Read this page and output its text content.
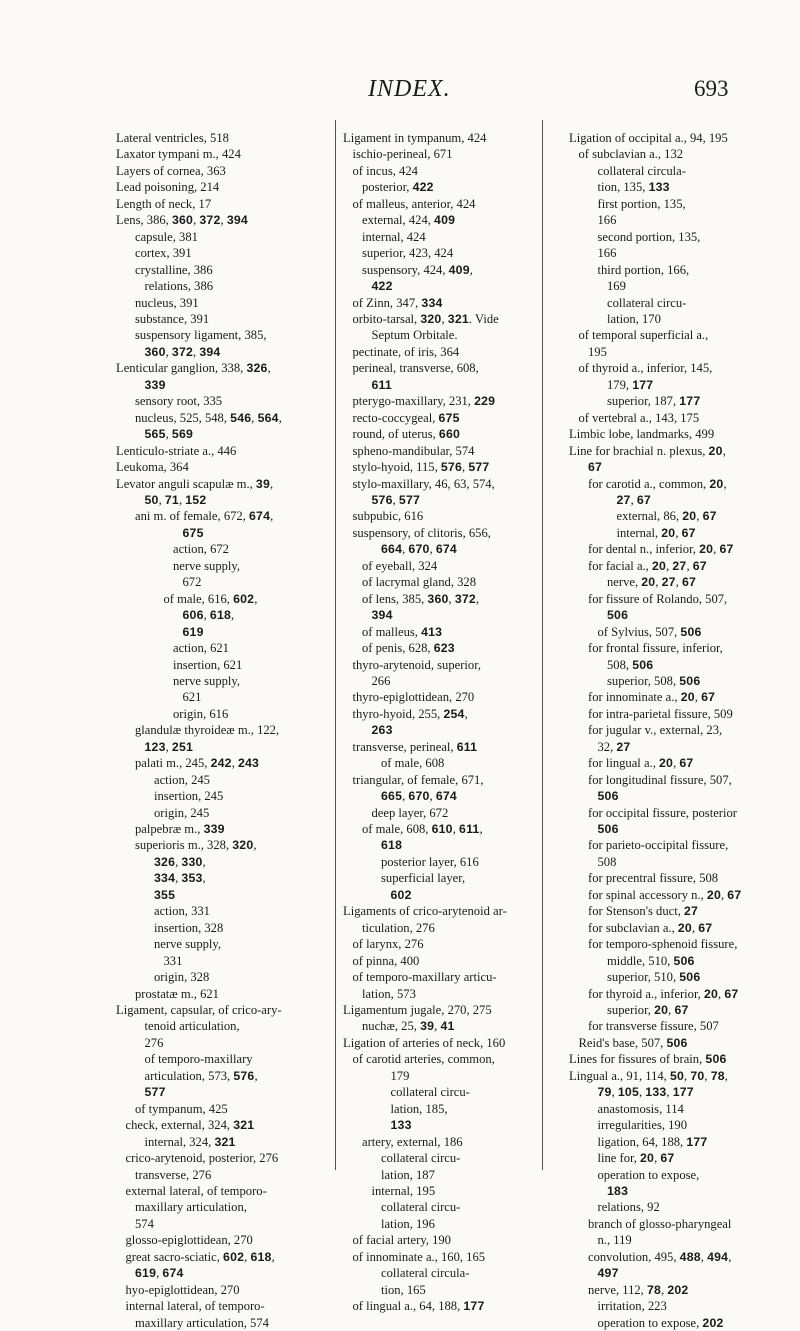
INDEX.	693
Lateral ventricles, 518
Laxator tympani m., 424
Layers of cornea, 363
Lead poisoning, 214
Length of neck, 17
Lens, 386, 360, 372, 394
capsule, 381
cortex, 391
crystalline, 386
relations, 386
nucleus, 391
substance, 391
suspensory ligament, 385,
360, 372, 394
Lenticular ganglion, 338, 326,
339
sensory root, 335
nucleus, 525, 548, 546, 564,
565, 569
Lenticulo-striate a., 446
Leukoma, 364
Levator anguli scapulæ m., 39,
50, 71, 152
ani m. of female, 672, 674,
675
action, 672
nerve supply,
672
of male, 616, 602,
606, 618,
619
action, 621
insertion, 621
nerve supply,
621
origin, 616
glandulæ thyroideæ m., 122,
123, 251
palati m., 245, 242, 243
action, 245
insertion, 245
origin, 245
palpebræ m., 339
superioris m., 328, 320,
326, 330,
334, 353,
355
action, 331
insertion, 328
nerve supply,
331
origin, 328
prostatæ m., 621
Ligament, capsular, of crico-ary-
tenoid articulation,
276
of temporo-maxillary
articulation, 573, 576,
577
of tympanum, 425
check, external, 324, 321
internal, 324, 321
crico-arytenoid, posterior, 276
transverse, 276
external lateral, of temporo-
maxillary articulation,
574
glosso-epiglottidean, 270
great sacro-sciatic, 602, 618,
619, 674
hyo-epiglottidean, 270
internal lateral, of temporo-
maxillary articulation, 574
Ligament in tympanum, 424
ischio-perineal, 671
of incus, 424
posterior, 422
of malleus, anterior, 424
external, 424, 409
internal, 424
superior, 423, 424
suspensory, 424, 409,
422
of Zinn, 347, 334
orbito-tarsal, 320, 321. Vide
Septum Orbitale.
pectinate, of iris, 364
perineal, transverse, 608,
611
pterygo-maxillary, 231, 229
recto-coccygeal, 675
round, of uterus, 660
spheno-mandibular, 574
stylo-hyoid, 115, 576, 577
stylo-maxillary, 46, 63, 574,
576, 577
subpubic, 616
suspensory, of clitoris, 656,
664, 670, 674
of eyeball, 324
of lacrymal gland, 328
of lens, 385, 360, 372,
394
of malleus, 413
of penis, 628, 623
thyro-arytenoid, superior,
266
thyro-epiglottidean, 270
thyro-hyoid, 255, 254,
263
transverse, perineal, 611
of male, 608
triangular, of female, 671,
665, 670, 674
deep layer, 672
of male, 608, 610, 611,
618
posterior layer, 616
superficial layer,
602
Ligaments of crico-arytenoid ar-
ticulation, 276
of larynx, 276
of pinna, 400
of temporo-maxillary articu-
lation, 573
Ligamentum jugale, 270, 275
nuchæ, 25, 39, 41
Ligation of arteries of neck, 160
of carotid arteries, common,
179
collateral circu-
lation, 185,
133
artery, external, 186
collateral circu-
lation, 187
internal, 195
collateral circu-
lation, 196
of facial artery, 190
of innominate a., 160, 165
collateral circula-
tion, 165
of lingual a., 64, 188, 177
Ligation of occipital a., 94, 195
of subclavian a., 132
collateral circula-
tion, 135, 133
first portion, 135,
166
second portion, 135,
166
third portion, 166,
169
collateral circu-
lation, 170
of temporal superficial a.,
195
of thyroid a., inferior, 145,
179, 177
superior, 187, 177
of vertebral a., 143, 175
Limbic lobe, landmarks, 499
Line for brachial n. plexus, 20,
67
for carotid a., common, 20,
27, 67
external, 86, 20, 67
internal, 20, 67
for dental n., inferior, 20, 67
for facial a., 20, 27, 67
nerve, 20, 27, 67
for fissure of Rolando, 507,
506
of Sylvius, 507, 506
for frontal fissure, inferior,
508, 506
superior, 508, 506
for innominate a., 20, 67
for intra-parietal fissure, 509
for jugular v., external, 23,
32, 27
for lingual a., 20, 67
for longitudinal fissure, 507,
506
for occipital fissure, posterior
506
for parieto-occipital fissure,
508
for precentral fissure, 508
for spinal accessory n., 20, 67
for Stenson's duct, 27
for subclavian a., 20, 67
for temporo-sphenoid fissure,
middle, 510, 506
superior, 510, 506
for thyroid a., inferior, 20, 67
superior, 20, 67
for transverse fissure, 507
Reid's base, 507, 506
Lines for fissures of brain, 506
Lingual a., 91, 114, 50, 70, 78,
79, 105, 133, 177
anastomosis, 114
irregularities, 190
ligation, 64, 188, 177
line for, 20, 67
operation to expose,
183
relations, 92
branch of glosso-pharyngeal
n., 119
convolution, 495, 488, 494,
497
nerve, 112, 78, 202
irritation, 223
operation to expose, 202
